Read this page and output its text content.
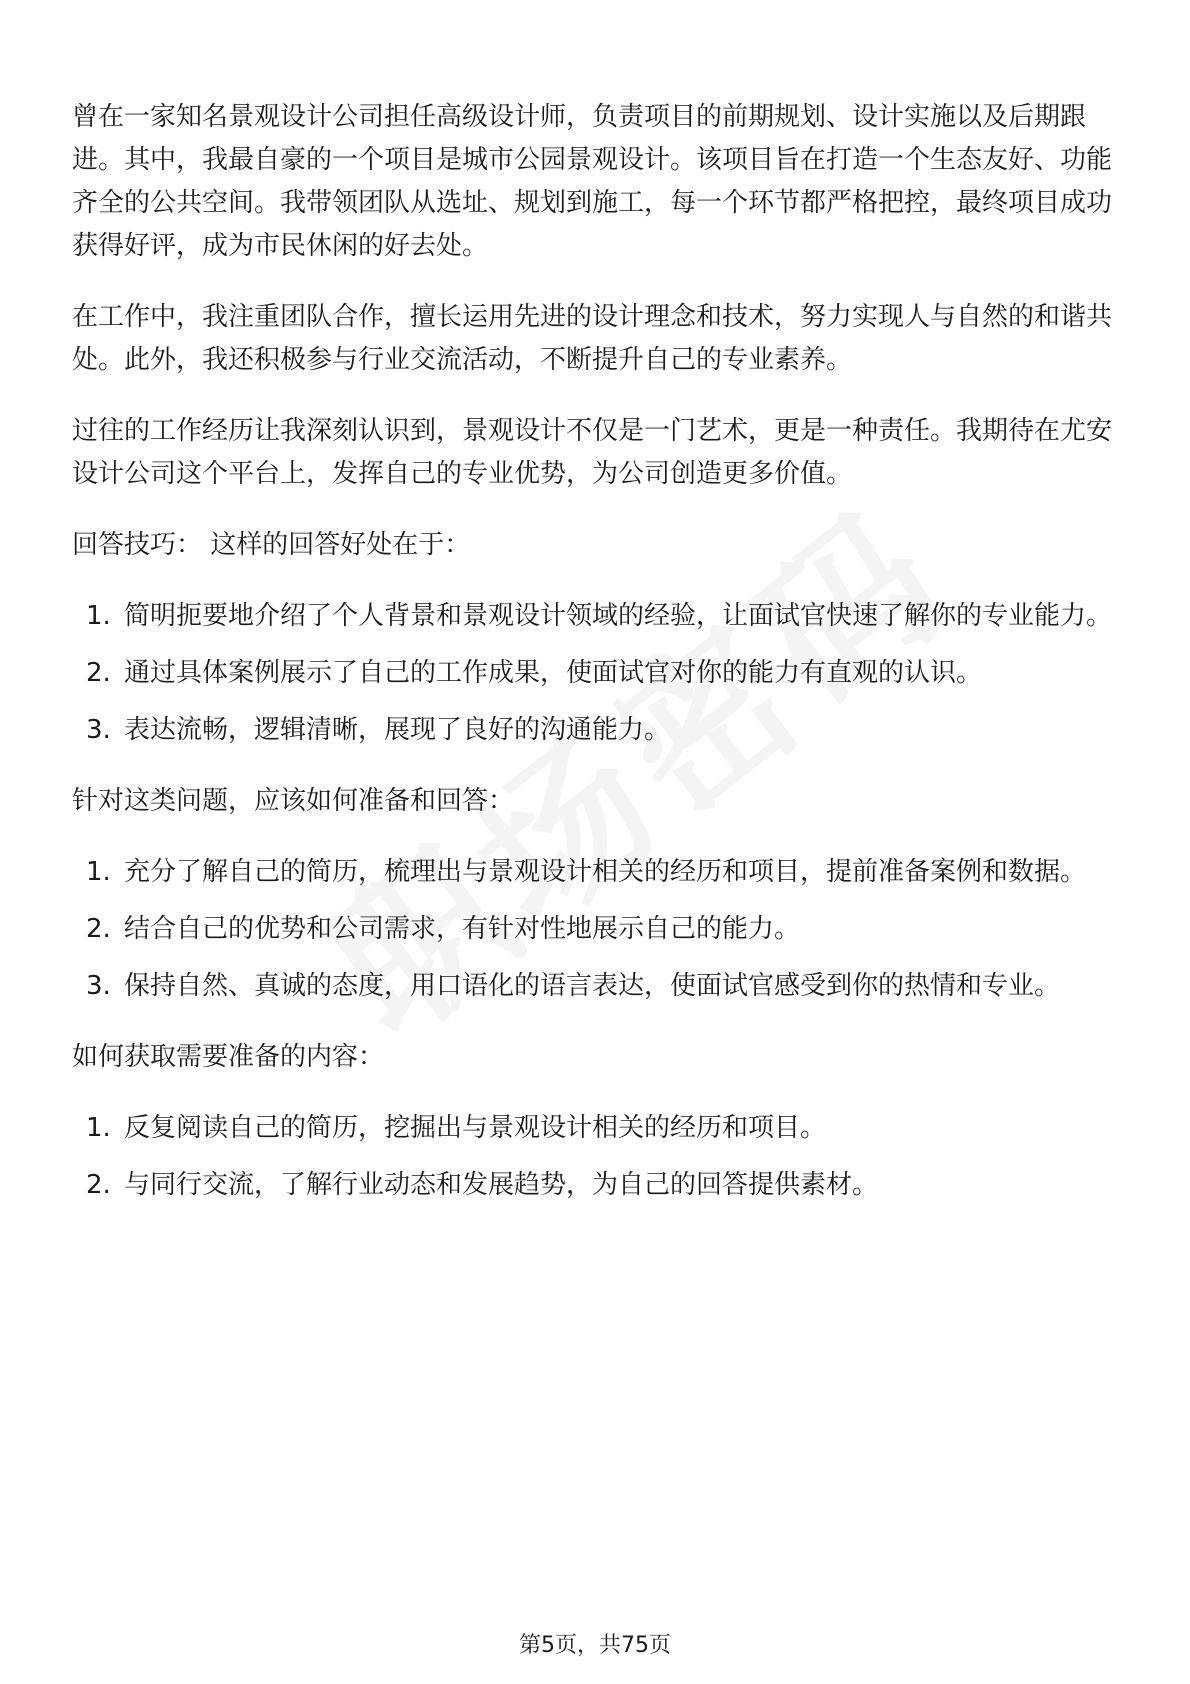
曾在一家知名景观设计公司担任高级设计师，负责项目的前期规划、设计实施以及后期跟进。其中，我最自豪的一个项目是城市公园景观设计。该项目旨在打造一个生态友好、功能齐全的公共空间。我带领团队从选址、规划到施工，每一个环节都严格把控，最终项目成功获得好评，成为市民休闲的好去处。

在工作中，我注重团队合作，擅长运用先进的设计理念和技术，努力实现人与自然的和谐共处。此外，我还积极参与行业交流活动，不断提升自己的专业素养。

过往的工作经历让我深刻认识到，景观设计不仅是一门艺术，更是一种责任。我期待在尤安设计公司这个平台上，发挥自己的专业优势，为公司创造更多价值。

回答技巧： 这样的回答好处在于：

1. 简明扼要地介绍了个人背景和景观设计领域的经验，让面试官快速了解你的专业能力。
2. 通过具体案例展示了自己的工作成果，使面试官对你的能力有直观的认识。
3. 表达流畅，逻辑清晰，展现了良好的沟通能力。

针对这类问题，应该如何准备和回答：

1. 充分了解自己的简历，梳理出与景观设计相关的经历和项目，提前准备案例和数据。
2. 结合自己的优势和公司需求，有针对性地展示自己的能力。
3. 保持自然、真诚的态度，用口语化的语言表达，使面试官感受到你的热情和专业。

如何获取需要准备的内容：

1. 反复阅读自己的简历，挖掘出与景观设计相关的经历和项目。
2. 与同行交流，了解行业动态和发展趋势，为自己的回答提供素材。
第5页，共75页
